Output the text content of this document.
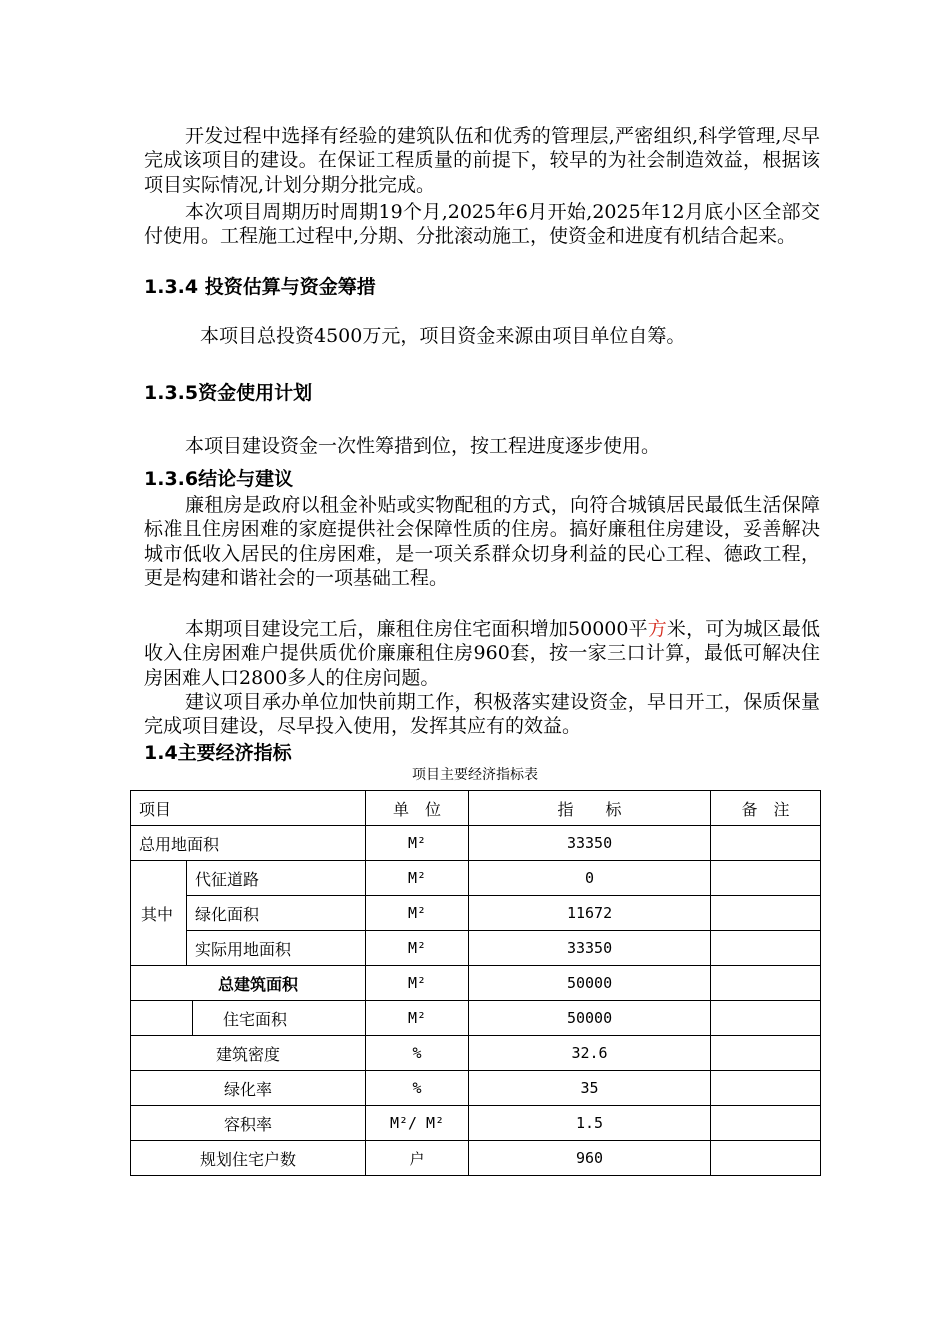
开发过程中选择有经验的建筑队伍和优秀的管理层,严密组织,科学管理,尽早完成该项目的建设。在保证工程质量的前提下，较早的为社会制造效益，根据该项目实际情况,计划分期分批完成。

本次项目周期历时周期19个月,2025年6月开始,2025年12月底小区全部交付使用。工程施工过程中,分期、分批滚动施工，使资金和进度有机结合起来。

1.3.4 投资估算与资金筹措

本项目总投资4500万元，项目资金来源由项目单位自筹。

1.3.5资金使用计划

本项目建设资金一次性筹措到位，按工程进度逐步使用。

1.3.6结论与建议

廉租房是政府以租金补贴或实物配租的方式，向符合城镇居民最低生活保障标准且住房困难的家庭提供社会保障性质的住房。搞好廉租住房建设，妥善解决城市低收入居民的住房困难，是一项关系群众切身利益的民心工程、德政工程，更是构建和谐社会的一项基础工程。

本期项目建设完工后，廉租住房住宅面积增加50000平方米，可为城区最低收入住房困难户提供质优价廉廉租住房960套，按一家三口计算，最低可解决住房困难人口2800多人的住房问题。

建议项目承办单位加快前期工作，积极落实建设资金，早日开工，保质保量完成项目建设，尽早投入使用，发挥其应有的效益。

1.4主要经济指标
项目主要经济指标表
项目			单　位	指　　标	备　注
总用地面积			M²	33350	
其中	代征道路		M²	0	
	绿化面积		M²	11672	
	实际用地面积		M²	33350	
总建筑面积			M²	50000	
		住宅面积	M²	50000	
建筑密度			%	32.6	
绿化率			%	35	
容积率			M²/ M²	1.5	
规划住宅户数			户	960	
